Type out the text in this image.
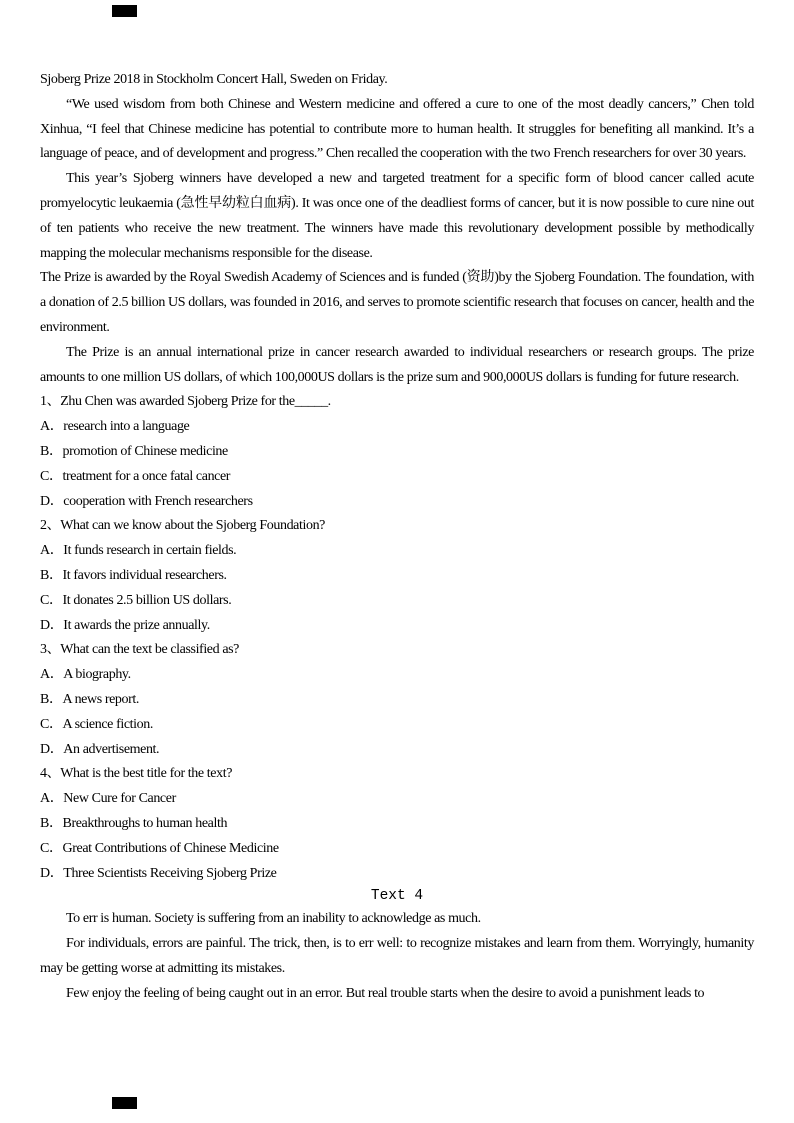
Sjoberg Prize 2018 in Stockholm Concert Hall, Sweden on Friday.

“We used wisdom from both Chinese and Western medicine and offered a cure to one of the most deadly cancers,” Chen told Xinhua, “I feel that Chinese medicine has potential to contribute more to human health. It struggles for benefiting all mankind. It’s a language of peace, and of development and progress.” Chen recalled the cooperation with the two French researchers for over 30 years.

This year’s Sjoberg winners have developed a new and targeted treatment for a specific form of blood cancer called acute promyelocytic leukaemia (急性早幼粒白血病). It was once one of the deadliest forms of cancer, but it is now possible to cure nine out of ten patients who receive the new treatment. The winners have made this revolutionary development possible by methodically mapping the molecular mechanisms responsible for the disease.

The Prize is awarded by the Royal Swedish Academy of Sciences and is funded (资助)by the Sjoberg Foundation. The foundation, with a donation of 2.5 billion US dollars, was founded in 2016, and serves to promote scientific research that focuses on cancer, health and the environment.

The Prize is an annual international prize in cancer research awarded to individual researchers or research groups. The prize amounts to one million US dollars, of which 100,000US dollars is the prize sum and 900,000US dollars is funding for future research.

1、Zhu Chen was awarded Sjoberg Prize for the_____.

A．research into a language

B．promotion of Chinese medicine

C．treatment for a once fatal cancer

D．cooperation with French researchers

2、What can we know about the Sjoberg Foundation?

A．It funds research in certain fields.

B．It favors individual researchers.

C．It donates 2.5 billion US dollars.

D．It awards the prize annually.

3、What can the text be classified as?

A．A biography.

B．A news report.

C．A science fiction.

D．An advertisement.

4、What is the best title for the text?

A．New Cure for Cancer

B．Breakthroughs to human health

C．Great Contributions of Chinese Medicine

D．Three Scientists Receiving Sjoberg Prize

Text 4

To err is human. Society is suffering from an inability to acknowledge as much.

For individuals, errors are painful. The trick, then, is to err well: to recognize mistakes and learn from them. Worryingly, humanity may be getting worse at admitting its mistakes.

Few enjoy the feeling of being caught out in an error. But real trouble starts when the desire to avoid a punishment leads to
